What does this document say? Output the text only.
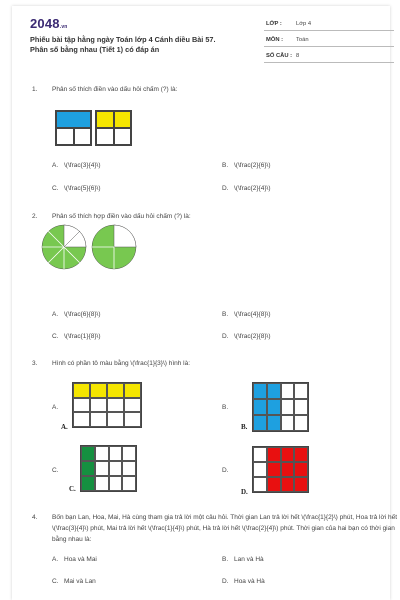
2048.vn
Phiếu bài tập hằng ngày Toán lớp 4 Cánh diều Bài 57. Phân số bằng nhau (Tiết 1) có đáp án
LỚP : Lớp 4
MÔN : Toán
SỐ CÂU : 8
1. Phân số thích điền vào dấu hỏi chấm (?) là:
A. \(\frac{3}{4}\)	B. \(\frac{2}{6}\)
C. \(\frac{5}{6}\)	D. \(\frac{2}{4}\)
2. Phân số thích hợp điền vào dấu hỏi chấm (?) là:
A. \(\frac{6}{8}\)	B. \(\frac{4}{8}\)
C. \(\frac{1}{8}\)	D. \(\frac{2}{8}\)
3. Hình có phần tô màu bằng \(\frac{1}{3}\) hình là:
A.
A.
B.
B.
C.
C.
D.
D.
4. Bốn bạn Lan, Hoa, Mai, Hà cùng tham gia trả lời một câu hỏi. Thời gian Lan trả lời hết \(\frac{1}{2}\) phút, Hoa trả lời hết \(\frac{3}{4}\) phút, Mai trả lời hết \(\frac{1}{4}\) phút, Hà trả lời hết \(\frac{2}{4}\) phút. Thời gian của hai bạn có thời gian bằng nhau là:
A. Hoa và Mai	B. Lan và Hà
C. Mai và Lan	D. Hoa và Hà
